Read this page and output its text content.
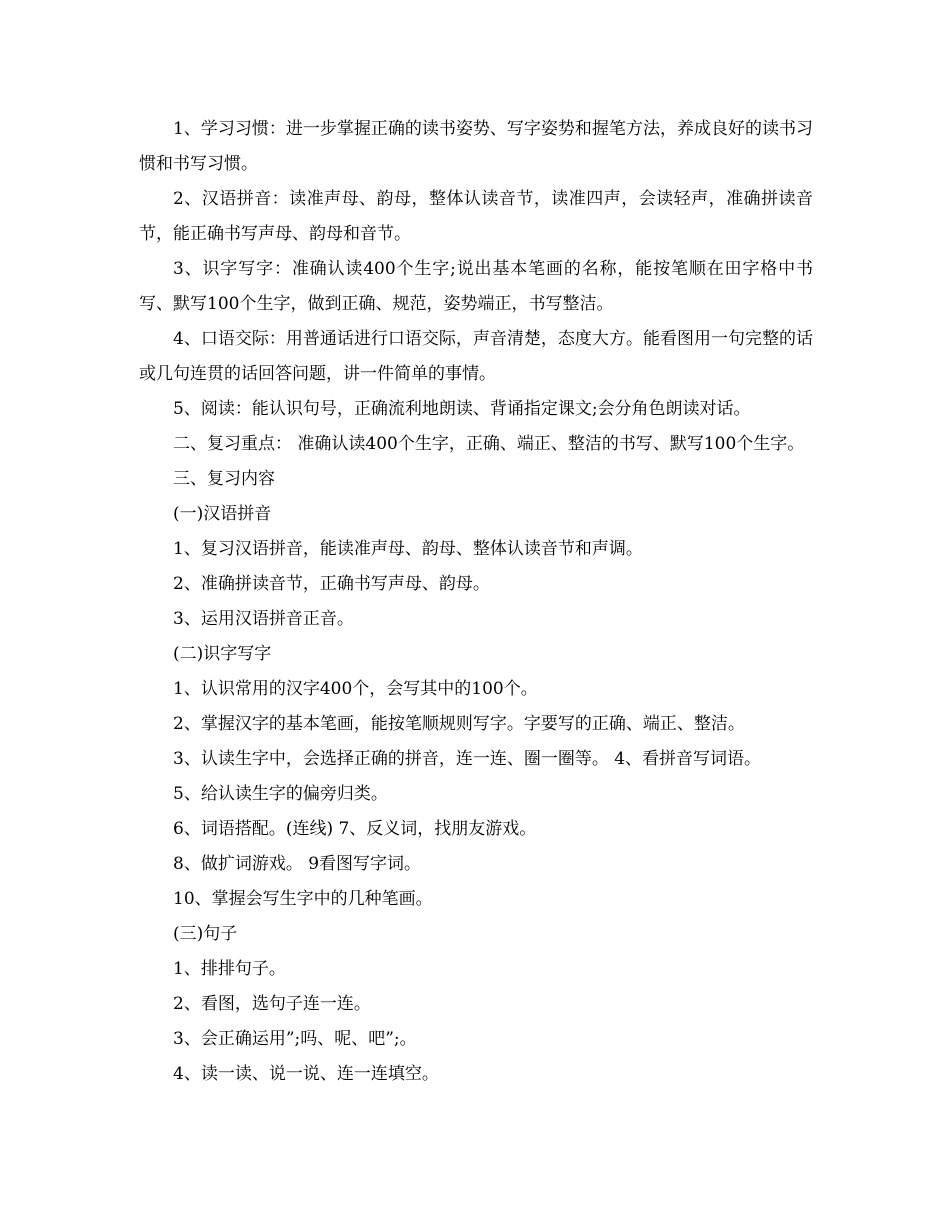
1、学习习惯：进一步掌握正确的读书姿势、写字姿势和握笔方法，养成良好的读书习惯和书写习惯。

2、汉语拼音：读准声母、韵母，整体认读音节，读准四声，会读轻声，准确拼读音节，能正确书写声母、韵母和音节。

3、识字写字：准确认读400个生字;说出基本笔画的名称，能按笔顺在田字格中书写、默写100个生字，做到正确、规范，姿势端正，书写整洁。

4、口语交际：用普通话进行口语交际，声音清楚，态度大方。能看图用一句完整的话或几句连贯的话回答问题，讲一件简单的事情。

5、阅读：能认识句号，正确流利地朗读、背诵指定课文;会分角色朗读对话。

二、复习重点： 准确认读400个生字，正确、端正、整洁的书写、默写100个生字。

三、复习内容

(一)汉语拼音

1、复习汉语拼音，能读准声母、韵母、整体认读音节和声调。

2、准确拼读音节，正确书写声母、韵母。

3、运用汉语拼音正音。

(二)识字写字

1、认识常用的汉字400个，会写其中的100个。

2、掌握汉字的基本笔画，能按笔顺规则写字。字要写的正确、端正、整洁。

3、认读生字中，会选择正确的拼音，连一连、圈一圈等。 4、看拼音写词语。

5、给认读生字的偏旁归类。

6、词语搭配。(连线) 7、反义词，找朋友游戏。

8、做扩词游戏。 9看图写字词。

10、掌握会写生字中的几种笔画。

(三)句子

1、排排句子。

2、看图，选句子连一连。

3、会正确运用”;吗、呢、吧”;。

4、读一读、说一说、连一连填空。
